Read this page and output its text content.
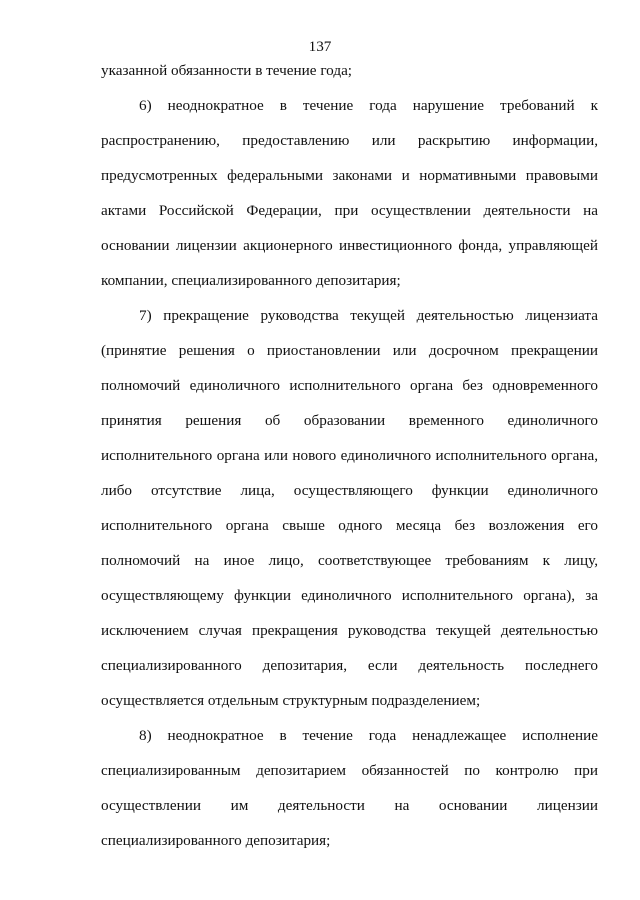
137
указанной обязанности в течение года;
6) неоднократное в течение года нарушение требований к
распространению, предоставлению или раскрытию информации,
предусмотренных федеральными законами и нормативными правовыми
актами Российской Федерации, при осуществлении деятельности на
основании лицензии акционерного инвестиционного фонда, управляющей
компании, специализированного депозитария;
7) прекращение руководства текущей деятельностью лицензиата
(принятие решения о приостановлении или досрочном прекращении
полномочий единоличного исполнительного органа без одновременного
принятия решения об образовании временного единоличного
исполнительного органа или нового единоличного исполнительного органа,
либо отсутствие лица, осуществляющего функции единоличного
исполнительного органа свыше одного месяца без возложения его
полномочий на иное лицо, соответствующее требованиям к лицу,
осуществляющему функции единоличного исполнительного органа), за
исключением случая прекращения руководства текущей деятельностью
специализированного депозитария, если деятельность последнего
осуществляется отдельным структурным подразделением;
8) неоднократное в течение года ненадлежащее исполнение
специализированным депозитарием обязанностей по контролю при
осуществлении им деятельности на основании лицензии
специализированного депозитария;
